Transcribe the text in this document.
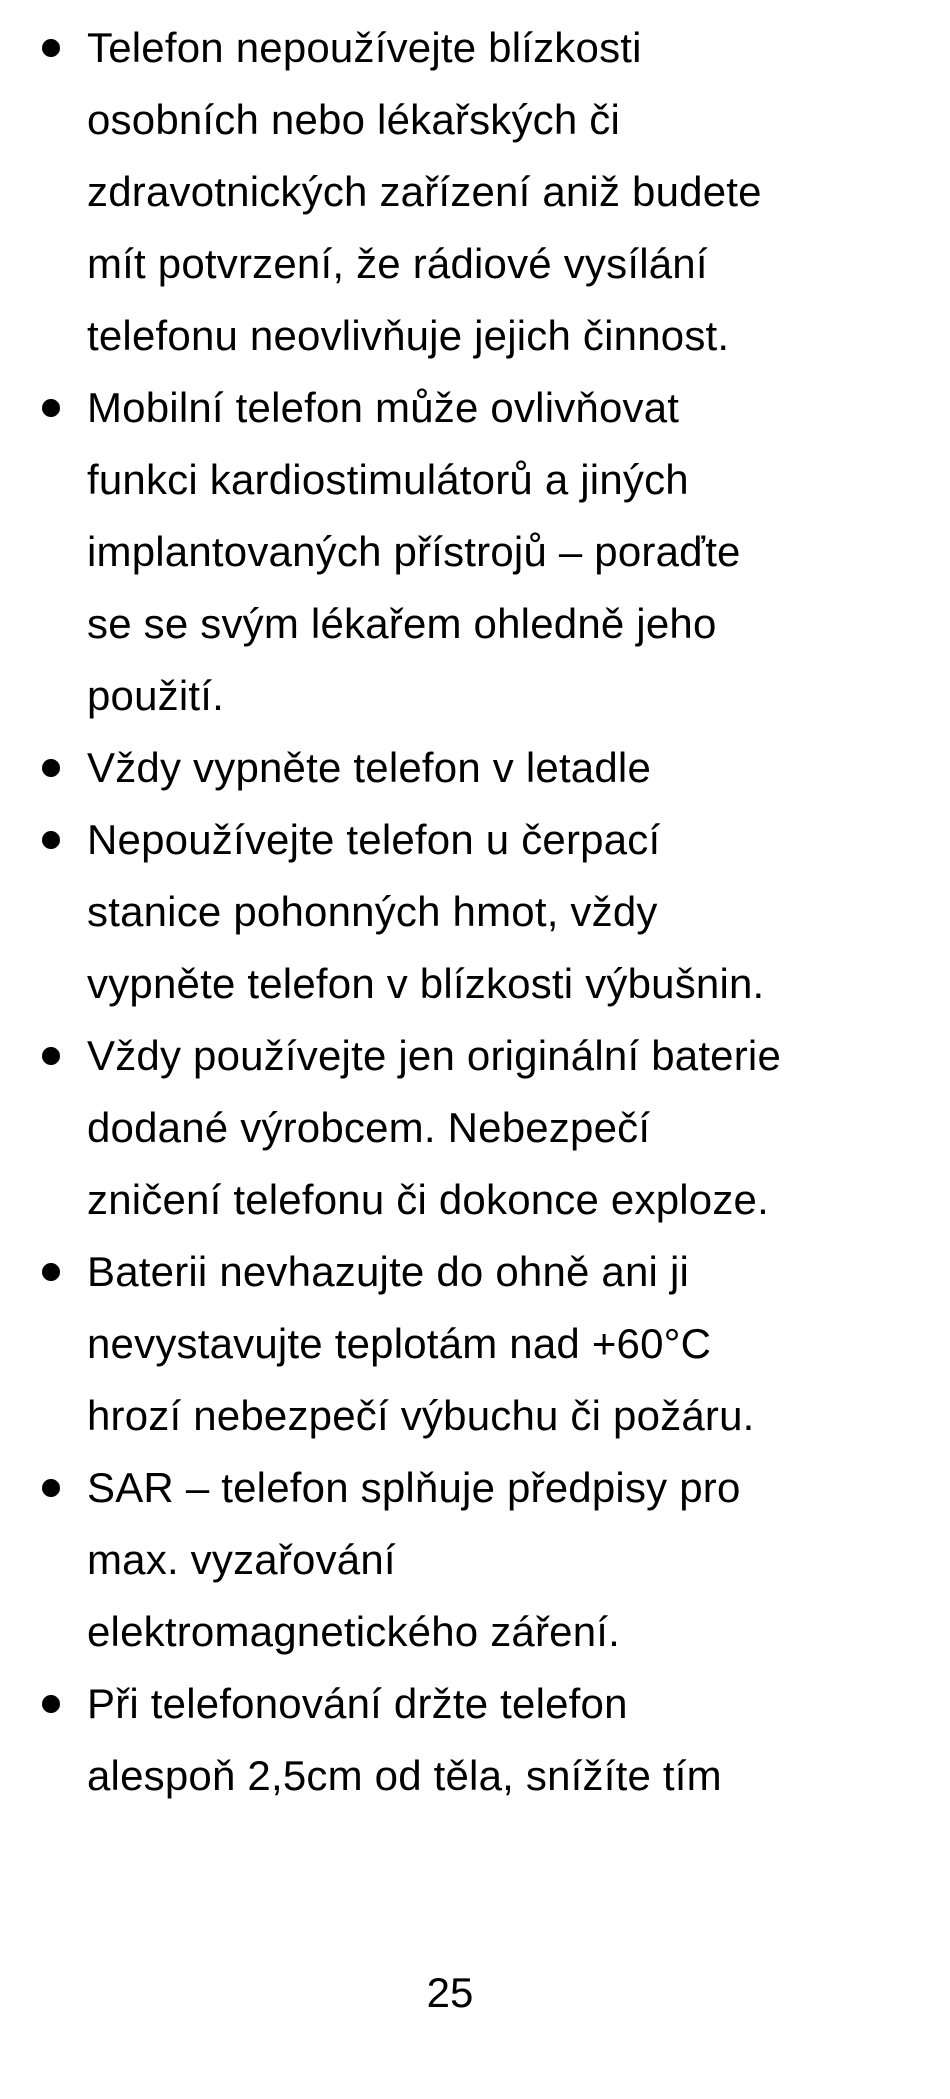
Telefon nepoužívejte blízkosti
osobních nebo lékařských či
zdravotnických zařízení aniž budete
mít potvrzení, že rádiové vysílání
telefonu neovlivňuje jejich činnost.
Mobilní telefon může ovlivňovat
funkci kardiostimulátorů a jiných
implantovaných přístrojů – poraďte
se se svým lékařem ohledně jeho
použití.
Vždy vypněte telefon v letadle
Nepoužívejte telefon u čerpací
stanice pohonných hmot, vždy
vypněte telefon v blízkosti výbušnin.
Vždy používejte jen originální baterie
dodané výrobcem. Nebezpečí
zničení telefonu či dokonce exploze.
Baterii nevhazujte do ohně ani ji
nevystavujte teplotám nad +60°C
hrozí nebezpečí výbuchu či požáru.
SAR – telefon splňuje předpisy pro
max. vyzařování
elektromagnetického záření.
Při telefonování držte telefon
alespoň 2,5cm od těla, snížíte tím
25
